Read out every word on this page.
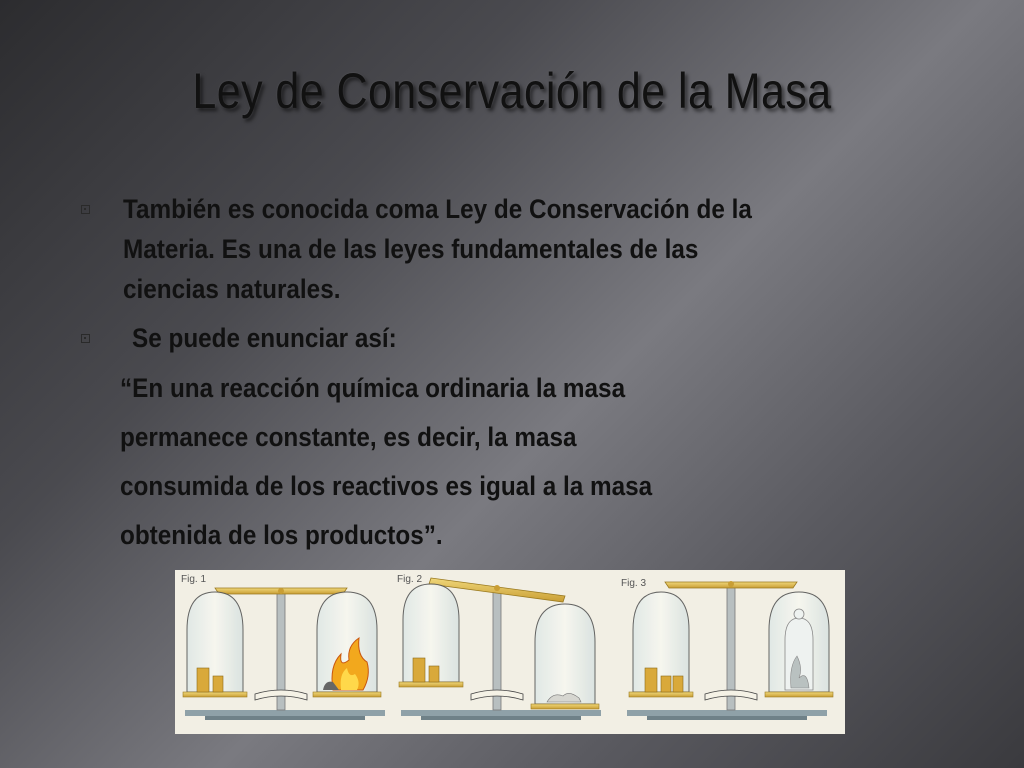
Ley de Conservación de la Masa
También es conocida coma Ley de Conservación de la
Materia. Es una de las leyes fundamentales de las
ciencias naturales.
Se puede enunciar así:
“En una reacción química ordinaria la masa
permanece constante, es decir, la masa
consumida de los reactivos es igual a la masa
obtenida de los productos”.
Fig. 1	Fig. 2	Fig. 3
